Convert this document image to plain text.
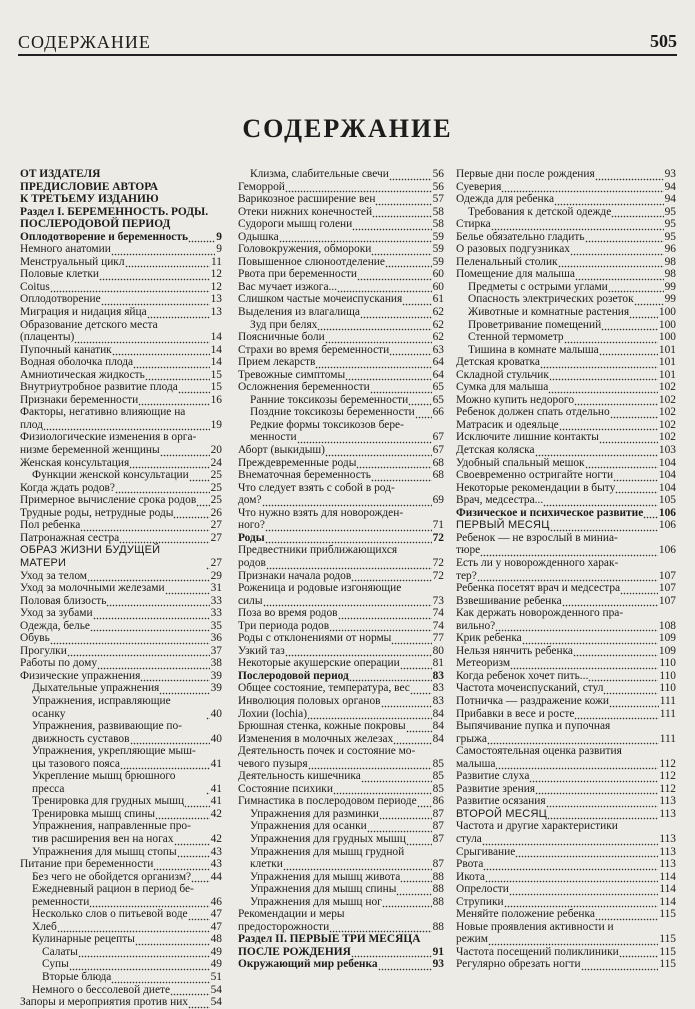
СОДЕРЖАНИЕ	505
СОДЕРЖАНИЕ
ОТ ИЗДАТЕЛЯ
ПРЕДИСЛОВИЕ АВТОРА
К ТРЕТЬЕМУ ИЗДАНИЮ
Раздел I. БЕРЕМЕННОСТЬ. РОДЫ.
ПОСЛЕРОДОВОЙ ПЕРИОД
Оплодотворение и беременность 9
Немного анатомии	9
Менструальный цикл	11
Половые клетки	12
Coitus	12
Оплодотворение	13
Миграция и нидация яйца	13
Образование детского места
(плаценты)	14
Пупочный канатик	14
Водная оболочка плода	14
Амниотическая жидкость	15
Внутриутробное развитие плода	15
Признаки беременности	16
Факторы, негативно влияющие на
плод	19
Физиологические изменения в орга-
низме беременной женщины	20
Женская консультация	24
Функции женской консультации 25
Когда ждать родов?	25
Примерное вычисление срока родов 25
Трудные роды, нетрудные роды	26
Пол ребенка	27
Патронажная сестра	27
ОБРАЗ ЖИЗНИ БУДУЩЕЙ МАТЕРИ	27
Уход за телом	29
Уход за молочными железами	31
Половая близость	33
Уход за зубами	33
Одежда, белье	35
Обувь	36
Прогулки	37
Работы по дому	38
Физические упражнения	39
Дыхательные упражнения	39
Упражнения, исправляющие осанку	40
Упражнения, развивающие по-
движность суставов	40
Упражнения, укрепляющие мыш-
цы тазового пояса	41
Укрепление мышц брюшного пресса	41
Тренировка для грудных мышц 41
Тренировка мышц спины	42
Упражнения, направленные про-
тив расширения вен на ногах	42
Упражнения для мышц стопы	43
Питание при беременности	43
Без чего не обойдется организм? 44
Ежедневный рацион в период бе-
ременности	46
Несколько слов о питьевой воде 47
Хлеб	47
Кулинарные рецепты	48
Салаты	49
Супы	49
Вторые блюда	51
Немного о бессолевой диете	54
Запоры и мероприятия против них 54
Клизма, слабительные свечи	56
Геморрой	56
Варикозное расширение вен	57
Отеки нижних конечностей	58
Судороги мышц голени	58
Одышка	59
Головокружения, обмороки	59
Повышенное слюноотделение	59
Рвота при беременности	60
Вас мучает изжога...	60
Слишком частые мочеиспускания	61
Выделения из влагалища	62
Зуд при белях	62
Поясничные боли	62
Страхи во время беременности	63
Прием лекарств	64
Тревожные симптомы	64
Осложнения беременности	65
Ранние токсикозы беременности 65
Поздние токсикозы беременности 66
Редкие формы токсикозов бере-
менности	67
Аборт (выкидыш)	67
Преждевременные роды	68
Внематочная беременность	68
Что следует взять с собой в род-
дом?	69
Что нужно взять для новорожден-
ного?	71
Роды	72
Предвестники приближающихся
родов	72
Признаки начала родов	72
Роженица и родовые изгоняющие
силы	73
Поза во время родов	74
Три периода родов	74
Роды с отклонениями от нормы	77
Узкий таз	80
Некоторые акушерские операции	81
Послеродовой период	83
Общее состояние, температура, вес 83
Инволюция половых органов	83
Лохии (lochia)	84
Брюшная стенка, кожные покровы 84
Изменения в молочных железах	84
Деятельность почек и состояние мо-
чевого пузыря	85
Деятельность кишечника	85
Состояние психики	85
Гимнастика в послеродовом периоде 86
Упражнения для разминки	87
Упражнения для осанки	87
Упражнения для грудных мышц 87
Упражнения для мышц грудной
клетки	87
Упражнения для мышц живота	88
Упражнения для мышц спины	88
Упражнения для мышц ног	88
Рекомендации и меры
предосторожности	88
Раздел II. ПЕРВЫЕ ТРИ МЕСЯЦА
ПОСЛЕ РОЖДЕНИЯ	91
Окружающий мир ребенка	93
Первые дни после рождения	93
Суеверия	94
Одежда для ребенка	94
Требования к детской одежде	95
Стирка	95
Белье обязательно гладить	95
О разовых подгузниках	96
Пеленальный столик	98
Помещение для малыша	98
Предметы с острыми углами	99
Опасность электрических розеток	99
Животные и комнатные растения	100
Проветривание помещений	100
Стенной термометр	100
Тишина в комнате малыша	101
Детская кроватка	101
Складной стульчик	101
Сумка для малыша	102
Можно купить недорого	102
Ребенок должен спать отдельно	102
Матрасик и одеяльце	102
Исключите лишние контакты	102
Детская коляска	103
Удобный спальный мешок	104
Своевременно остригайте ногти	104
Некоторые рекомендации в быту	104
Врач, медсестра...	105
Физическое и психическое развитие 106
ПЕРВЫЙ МЕСЯЦ	106
Ребенок — не взрослый в миниа-
тюре	106
Есть ли у новорожденного харак-
тер?	107
Ребенка посетят врач и медсестра	107
Взвешивание ребенка	107
Как держать новорожденного пра-
вильно?	108
Крик ребенка	109
Нельзя нянчить ребенка	109
Метеоризм	110
Когда ребенок хочет пить...	110
Частота мочеиспусканий, стул	110
Потничка — раздражение кожи	111
Прибавки в весе и росте	111
Выпячивание пупка и пупочная
грыжа	111
Самостоятельная оценка развития
малыша	112
Развитие слуха	112
Развитие зрения	112
Развитие осязания	113
ВТОРОЙ МЕСЯЦ	113
Частота и другие характеристики
стула	113
Срыгивание	113
Рвота	113
Икота	114
Опрелости	114
Струпики	114
Меняйте положение ребенка	115
Новые проявления активности и
режим	115
Частота посещений поликлиники	115
Регулярно обрезать ногти	115
